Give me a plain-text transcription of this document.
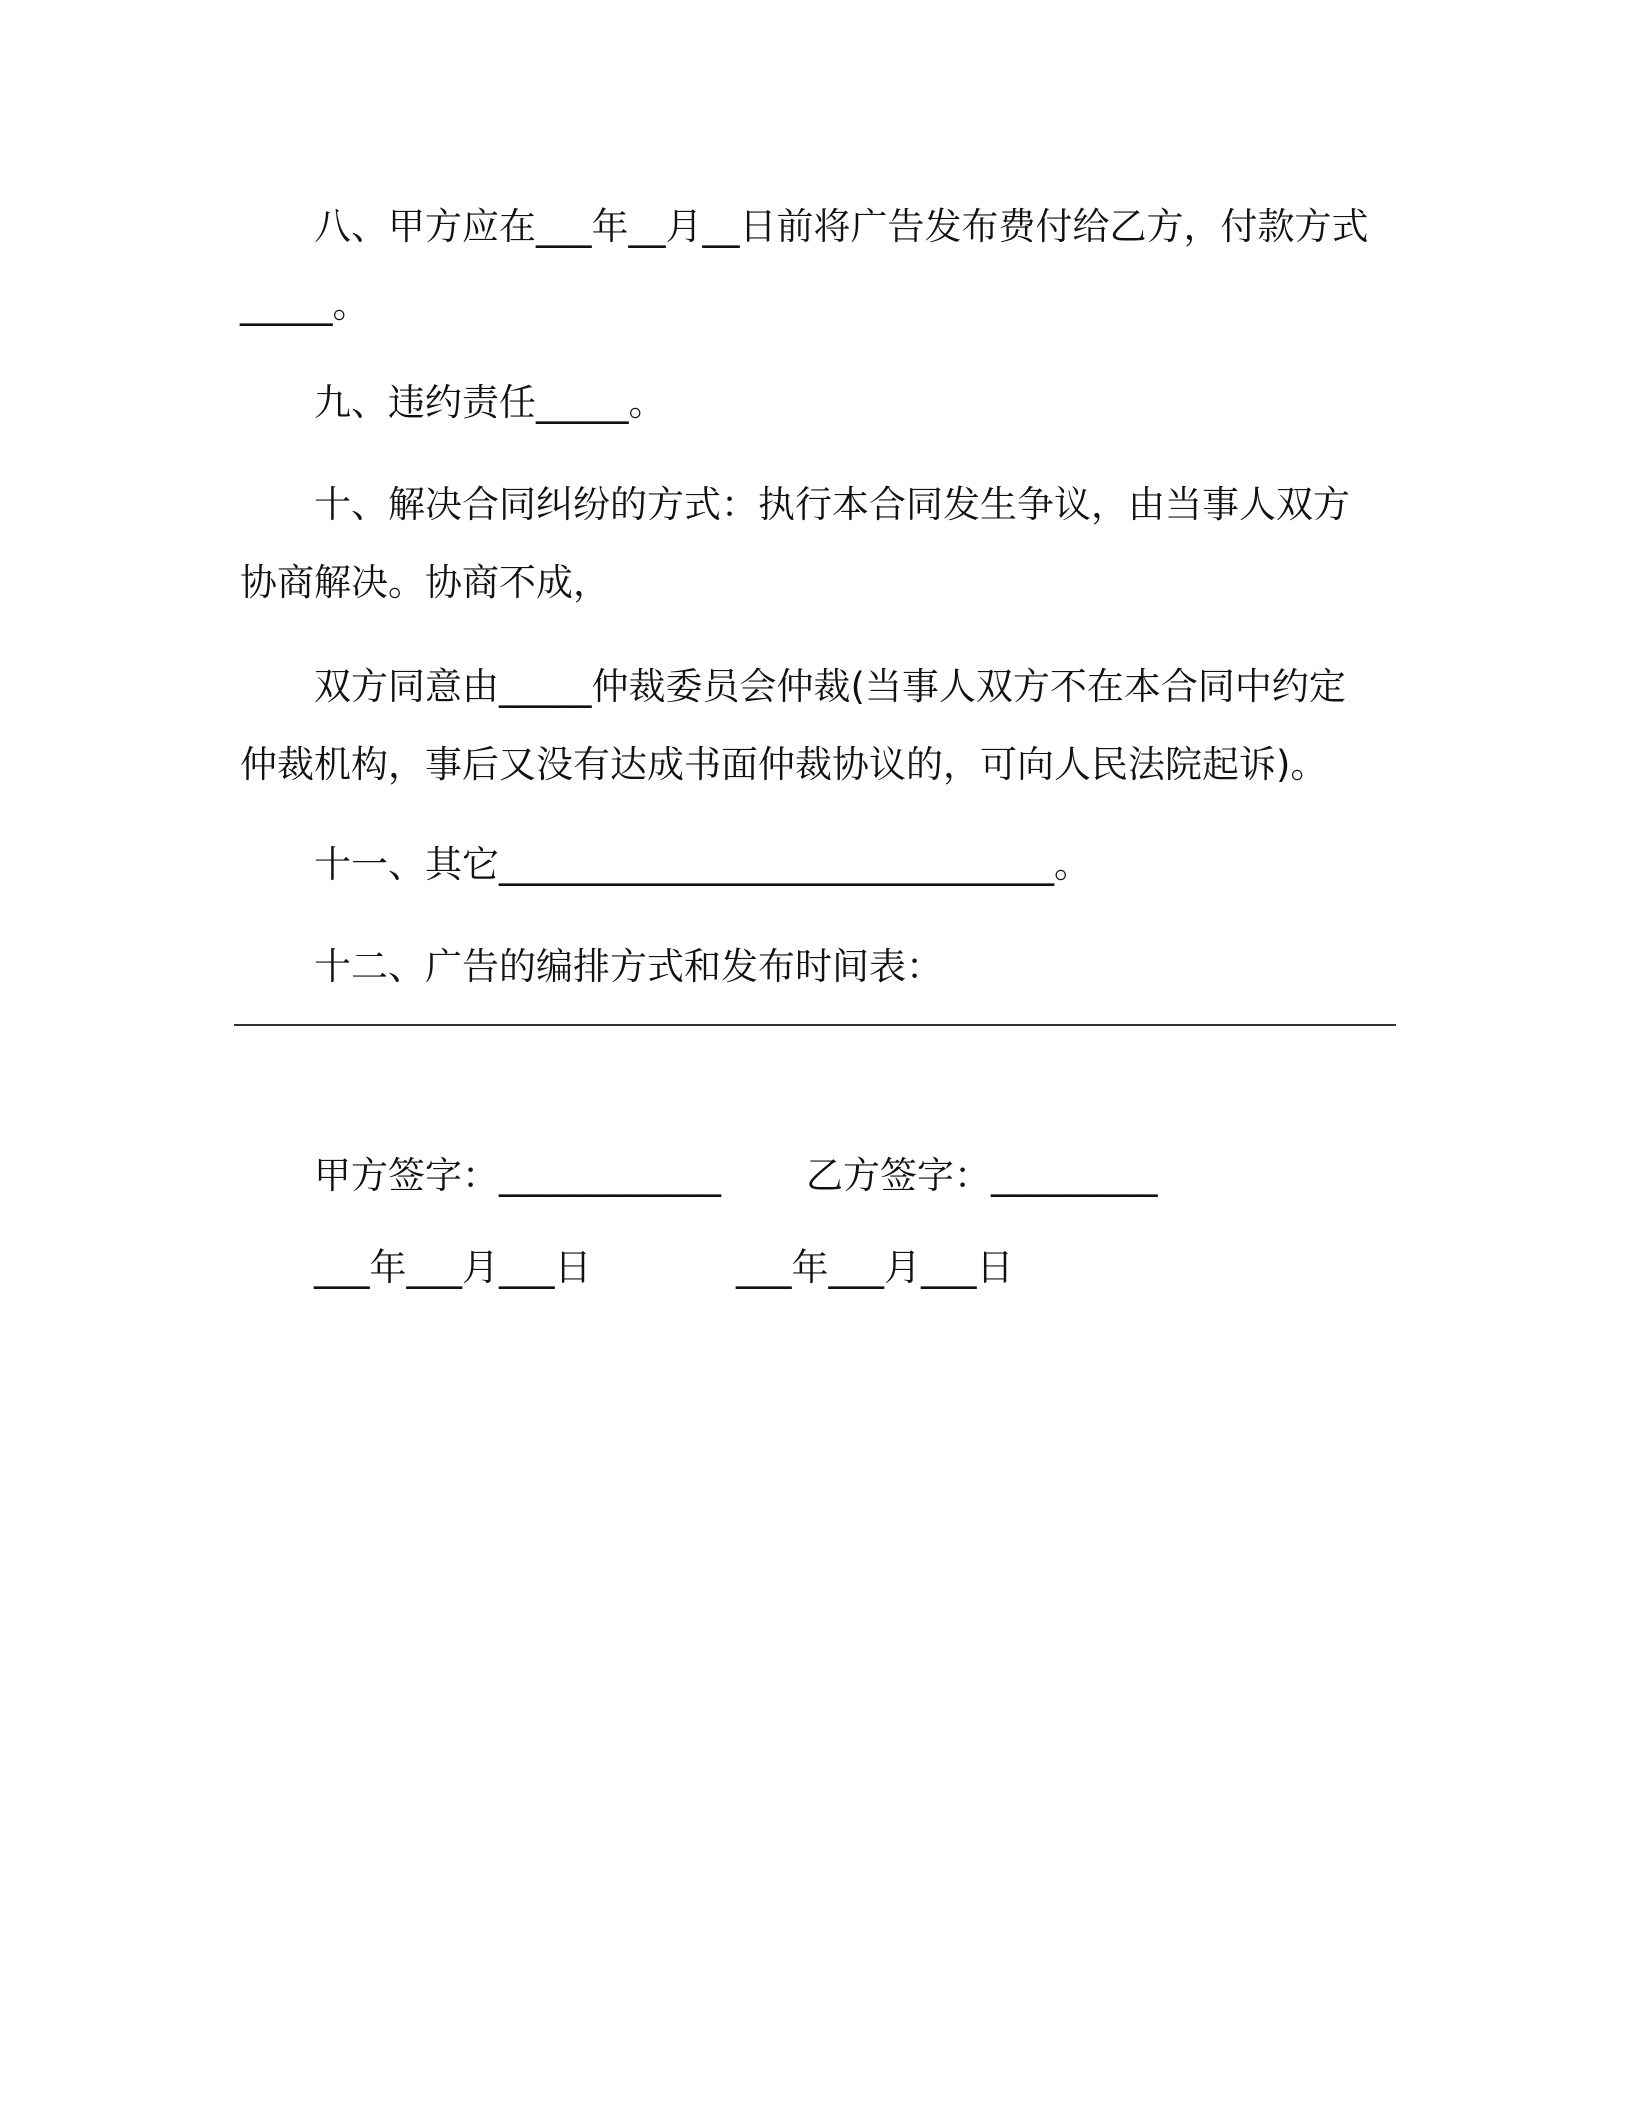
八、甲方应在___年__月__日前将广告发布费付给乙方，付款方式_____。

九、违约责任_____。

十、解决合同纠纷的方式：执行本合同发生争议，由当事人双方协商解决。协商不成，

双方同意由_____仲裁委员会仲裁(当事人双方不在本合同中约定仲裁机构，事后又没有达成书面仲裁协议的，可向人民法院起诉)。

十一、其它______________________________。

十二、广告的编排方式和发布时间表：

甲方签字：____________ 乙方签字：_________
___年___月___日	___年___月___日
